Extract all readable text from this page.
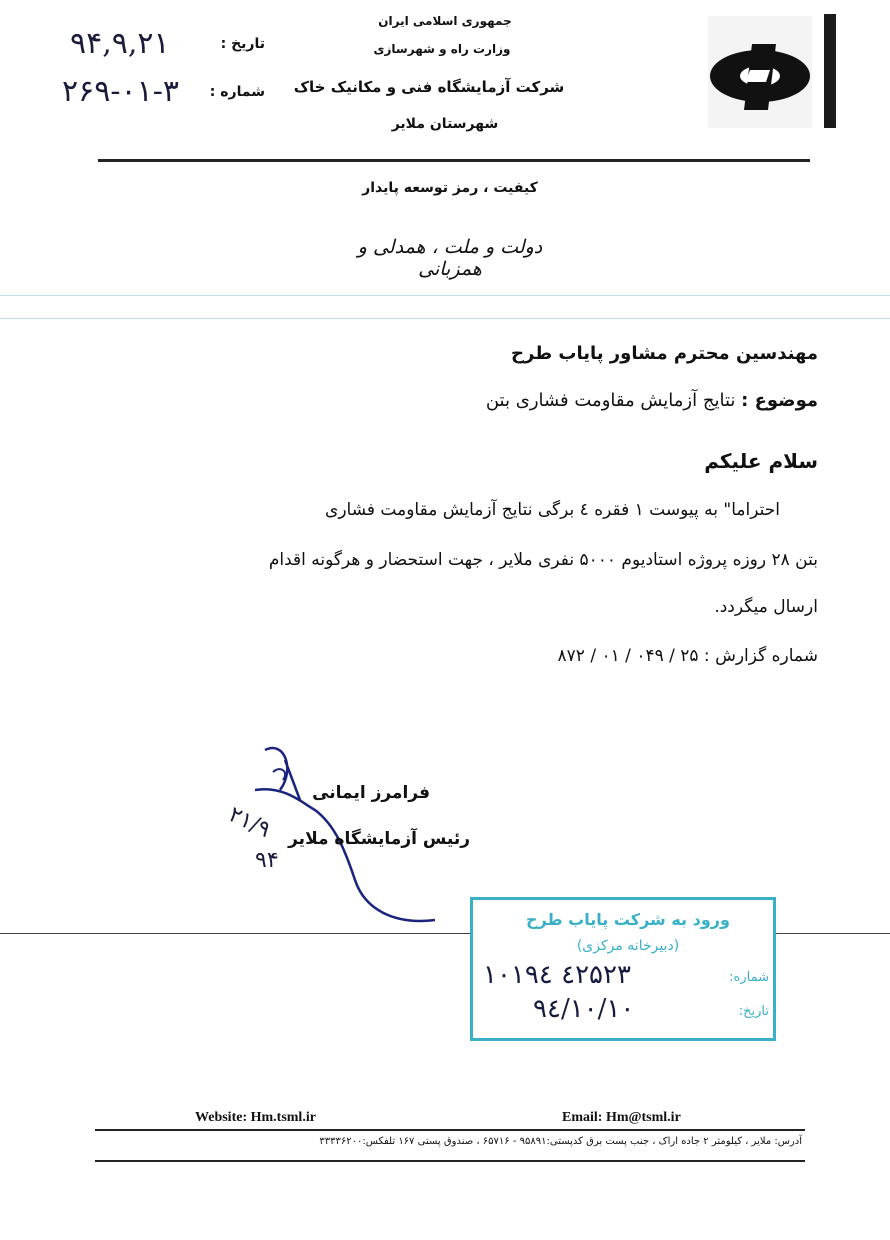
جمهوری اسلامی ایران
وزارت راه و شهرسازی
شرکت آزمایشگاه فنی و مکانیک خاک
شهرستان ملایر
تاریخ :
۹۴,۹,۲۱
شماره :
۲۶۹-۰۱-۳
کیفیت ، رمز توسعه پایدار
دولت و ملت ، همدلی و همزبانی
مهندسین محترم مشاور پایاب طرح
موضوع : نتایج آزمایش مقاومت فشاری بتن
سلام علیکم
احتراما" به پیوست ۱ فقره ٤ برگی نتایج آزمایش مقاومت فشاری
بتن ۲۸ روزه پروژه استادیوم ۵۰۰۰ نفری ملایر ، جهت استحضار و هرگونه اقدام
ارسال میگردد.
شماره گزارش : ۲۵ / ۰۴۹ / ۰۱ / ۸۷۲
۲۱/۹
۹۴
فرامرز ایمانی
رئیس آزمایشگاه ملایر
ورود به شرکت پایاب طرح
(دبیرخانه مرکزی)
شماره:
۱۰۱۹٤ ٤۲۵۲۳
تاریخ:
۹٤/۱۰/۱۰
Website: Hm.tsml.ir	Email: Hm@tsml.ir
آدرس: ملایر ، کیلومتر ۲ جاده اراک ، جنب پست برق کدپستی:۹۵۸۹۱ - ۶۵۷۱۶ ، صندوق پستی ۱۶۷ تلفکس:۳۳۳۳۶۲۰۰
